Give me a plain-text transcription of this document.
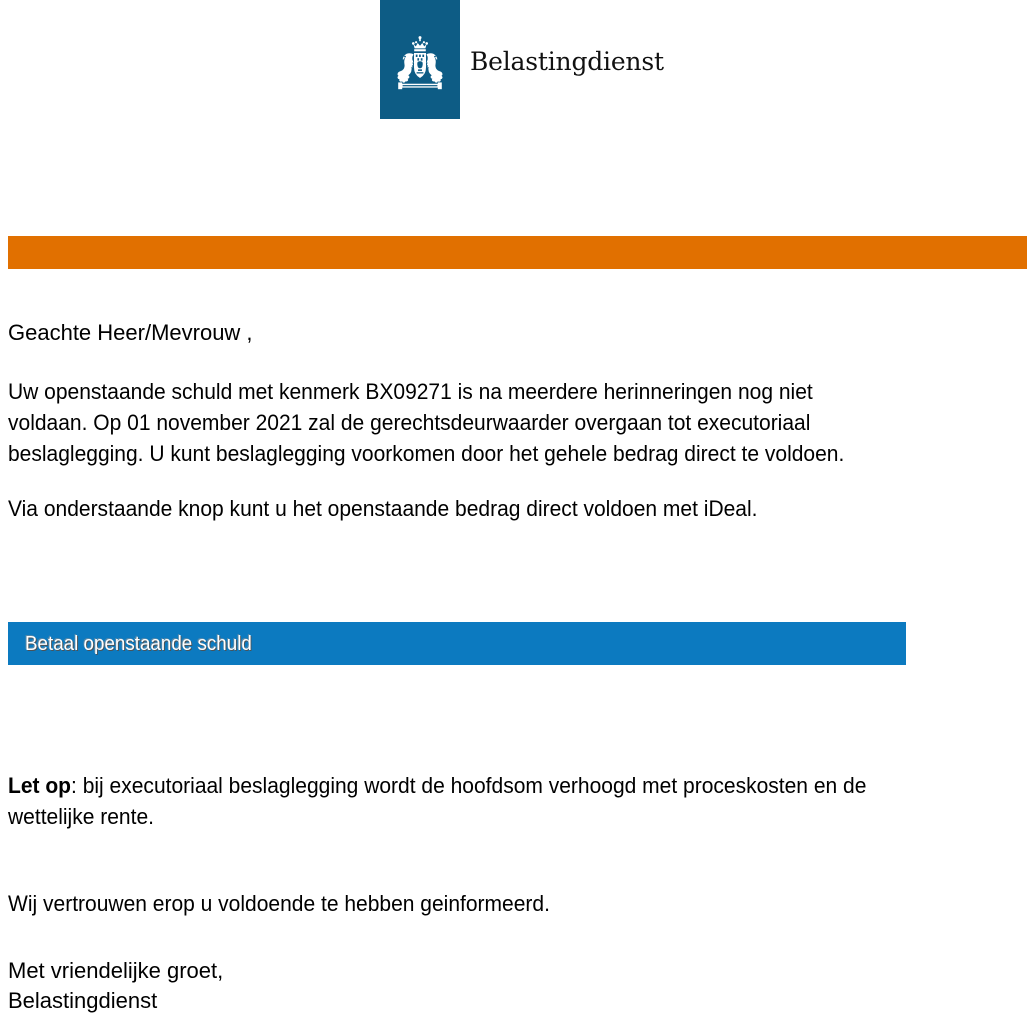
Belastingdienst

Geachte Heer/Mevrouw ,

Uw openstaande schuld met kenmerk BX09271 is na meerdere herinneringen nog niet voldaan. Op 01 november 2021 zal de gerechtsdeurwaarder overgaan tot executoriaal beslaglegging. U kunt beslaglegging voorkomen door het gehele bedrag direct te voldoen.

Via onderstaande knop kunt u het openstaande bedrag direct voldoen met iDeal.

Betaal openstaande schuld

Let op: bij executoriaal beslaglegging wordt de hoofdsom verhoogd met proceskosten en de wettelijke rente.

Wij vertrouwen erop u voldoende te hebben geinformeerd.

Met vriendelijke groet,
Belastingdienst
